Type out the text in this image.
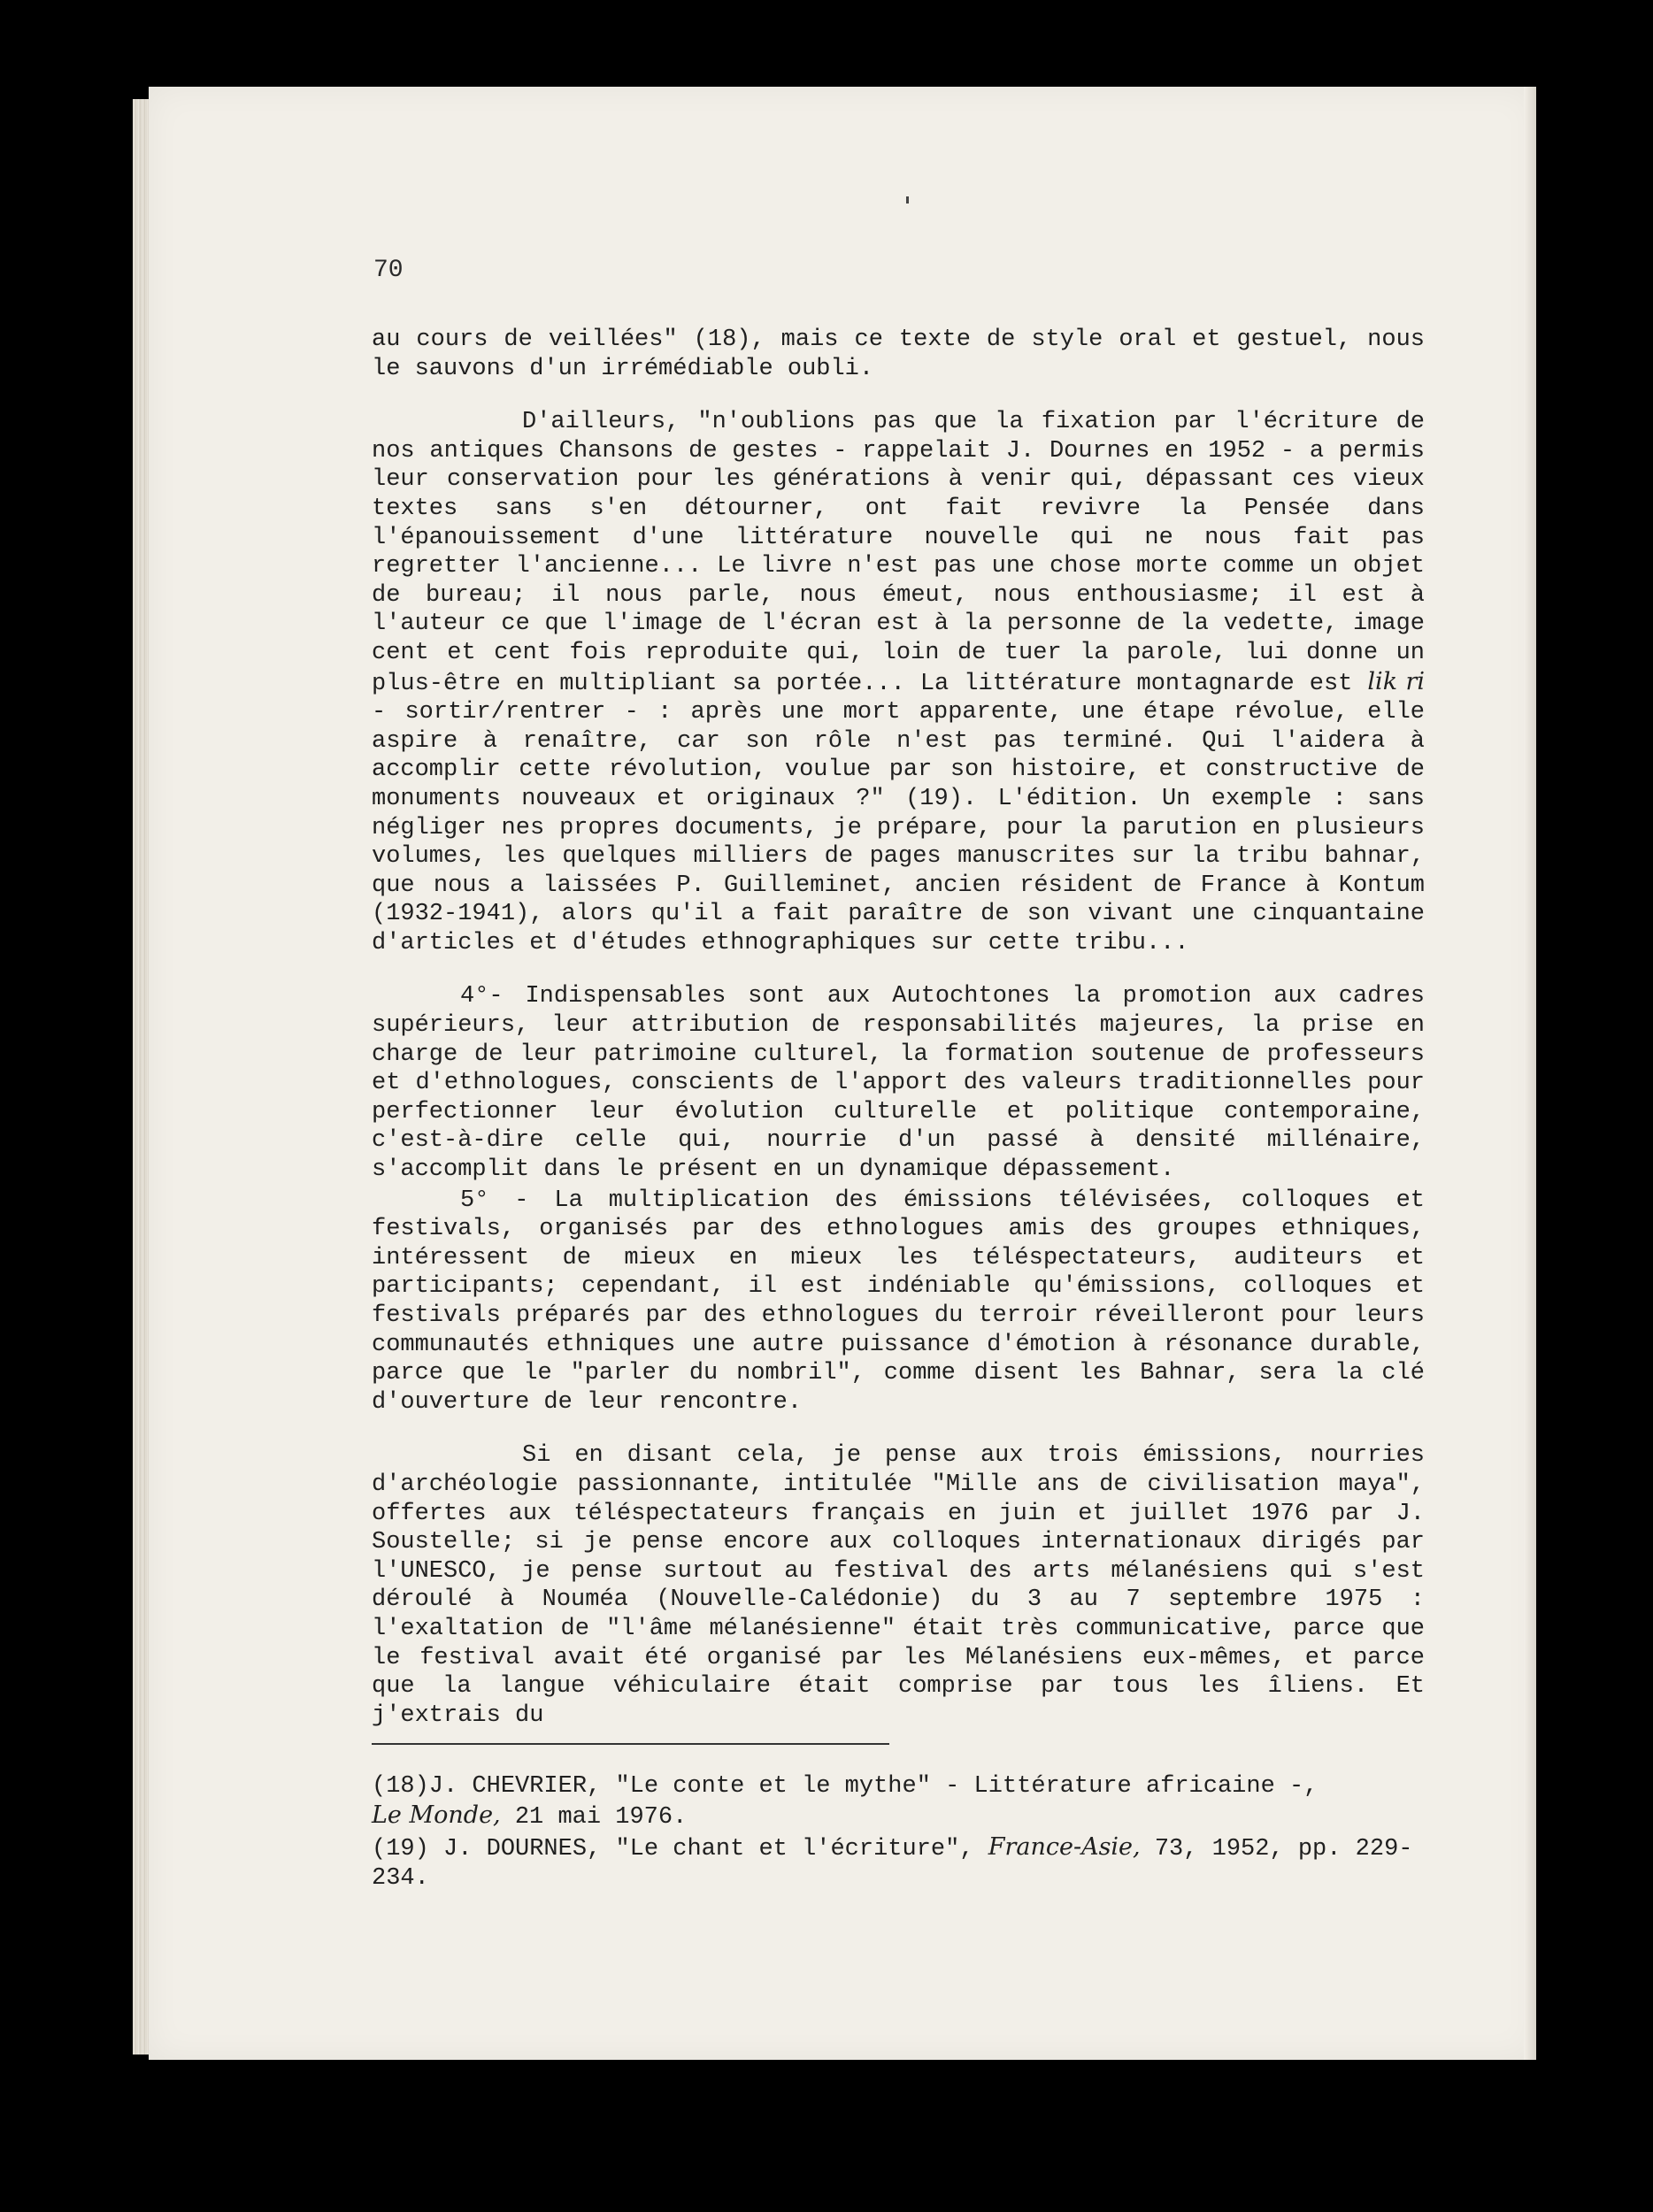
70

au cours de veillées" (18), mais ce texte de style oral et gestuel, nous le sauvons d'un irrémédiable oubli.

D'ailleurs, "n'oublions pas que la fixation par l'écriture de nos antiques Chansons de gestes - rappelait J. Dournes en 1952 - a permis leur conservation pour les générations à venir qui, dépassant ces vieux textes sans s'en détourner, ont fait revivre la Pensée dans l'épanouissement d'une littérature nouvelle qui ne nous fait pas regretter l'ancienne... Le livre n'est pas une chose morte comme un objet de bureau; il nous parle, nous émeut, nous enthousiasme; il est à l'auteur ce que l'image de l'écran est à la personne de la vedette, image cent et cent fois reproduite qui, loin de tuer la parole, lui donne un plus-être en multipliant sa portée... La littérature montagnarde est lik ri - sortir/rentrer - : après une mort apparente, une étape révolue, elle aspire à renaître, car son rôle n'est pas terminé. Qui l'aidera à accomplir cette révolution, voulue par son histoire, et constructive de monuments nouveaux et originaux ?" (19). L'édition. Un exemple : sans négliger nes propres documents, je prépare, pour la parution en plusieurs volumes, les quelques milliers de pages manuscrites sur la tribu bahnar, que nous a laissées P. Guilleminet, ancien résident de France à Kontum (1932-1941), alors qu'il a fait paraître de son vivant une cinquantaine d'articles et d'études ethnographiques sur cette tribu...

4°- Indispensables sont aux Autochtones la promotion aux cadres supérieurs, leur attribution de responsabilités majeures, la prise en charge de leur patrimoine culturel, la formation soutenue de professeurs et d'ethnologues, conscients de l'apport des valeurs traditionnelles pour perfectionner leur évolution culturelle et politique contemporaine, c'est-à-dire celle qui, nourrie d'un passé à densité millénaire, s'accomplit dans le présent en un dynamique dépassement.

5° - La multiplication des émissions télévisées, colloques et festivals, organisés par des ethnologues amis des groupes ethniques, intéressent de mieux en mieux les téléspectateurs, auditeurs et participants; cependant, il est indéniable qu'émissions, colloques et festivals préparés par des ethnologues du terroir réveilleront pour leurs communautés ethniques une autre puissance d'émotion à résonance durable, parce que le "parler du nombril", comme disent les Bahnar, sera la clé d'ouverture de leur rencontre.

Si en disant cela, je pense aux trois émissions, nourries d'archéologie passionnante, intitulée "Mille ans de civilisation maya", offertes aux téléspectateurs français en juin et juillet 1976 par J. Soustelle; si je pense encore aux colloques internationaux dirigés par l'UNESCO, je pense surtout au festival des arts mélanésiens qui s'est déroulé à Nouméa (Nouvelle-Calédonie) du 3 au 7 septembre 1975 : l'exaltation de "l'âme mélanésienne" était très communicative, parce que le festival avait été organisé par les Mélanésiens eux-mêmes, et parce que la langue véhiculaire était comprise par tous les îliens. Et j'extrais du

(18)J. CHEVRIER, "Le conte et le mythe" - Littérature africaine -,
Le Monde, 21 mai 1976.

(19) J. DOURNES, "Le chant et l'écriture", France-Asie, 73, 1952, pp. 229-234.
